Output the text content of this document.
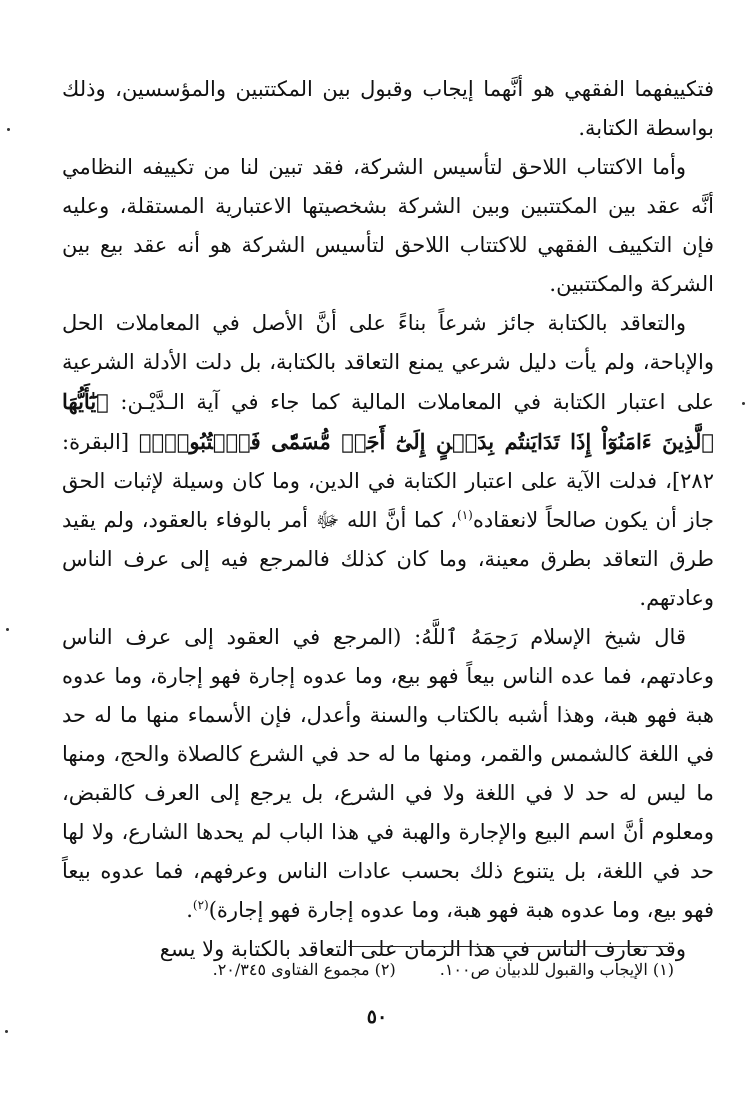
فتكييفهما الفقهي هو أنَّهما إيجاب وقبول بين المكتتبين والمؤسسين، وذلك بواسطة الكتابة.

وأما الاكتتاب اللاحق لتأسيس الشركة، فقد تبين لنا من تكييفه النظامي أنَّه عقد بين المكتتبين وبين الشركة بشخصيتها الاعتبارية المستقلة، وعليه فإن التكييف الفقهي للاكتتاب اللاحق لتأسيس الشركة هو أنه عقد بيع بين الشركة والمكتتبين.

والتعاقد بالكتابة جائز شرعاً بناءً على أنَّ الأصل في المعاملات الحل والإباحة، ولم يأت دليل شرعي يمنع التعاقد بالكتابة، بل دلت الأدلة الشرعية على اعتبار الكتابة في المعاملات المالية كما جاء في آية الـدَّيْـن: ﴿يَٰٓأَيُّهَا ٱلَّذِينَ ءَامَنُوٓاْ إِذَا تَدَايَنتُم بِدَيۡنٍ إِلَىٰٓ أَجَلٖ مُّسَمّٗى فَٱكۡتُبُوهُۚ﴾ [البقرة: ٢٨٢]، فدلت الآية على اعتبار الكتابة في الدين، وما كان وسيلة لإثبات الحق جاز أن يكون صالحاً لانعقاده$^{(١)}$، كما أنَّ الله ﷻ أمر بالوفاء بالعقود، ولم يقيد طرق التعاقد بطرق معينة، وما كان كذلك فالمرجع فيه إلى عرف الناس وعادتهم.

قال شيخ الإسلام رَحِمَهُ ٱللَّهُ: (المرجع في العقود إلى عرف الناس وعادتهم، فما عده الناس بيعاً فهو بيع، وما عدوه إجارة فهو إجارة، وما عدوه هبة فهو هبة، وهذا أشبه بالكتاب والسنة وأعدل، فإن الأسماء منها ما له حد في اللغة كالشمس والقمر، ومنها ما له حد في الشرع كالصلاة والحج، ومنها ما ليس له حد لا في اللغة ولا في الشرع، بل يرجع إلى العرف كالقبض، ومعلوم أنَّ اسم البيع والإجارة والهبة في هذا الباب لم يحدها الشارع، ولا لها حد في اللغة، بل يتنوع ذلك بحسب عادات الناس وعرفهم، فما عدوه بيعاً فهو بيع، وما عدوه هبة فهو هبة، وما عدوه إجارة فهو إجارة)$^{(٢)}$.

وقد تعارف الناس في هذا الزمان على التعاقد بالكتابة ولا يسع

(١) الإيجاب والقبول للدبيان ص١٠٠.
(٢) مجموع الفتاوى ٢٠/٣٤٥.
٥٠
